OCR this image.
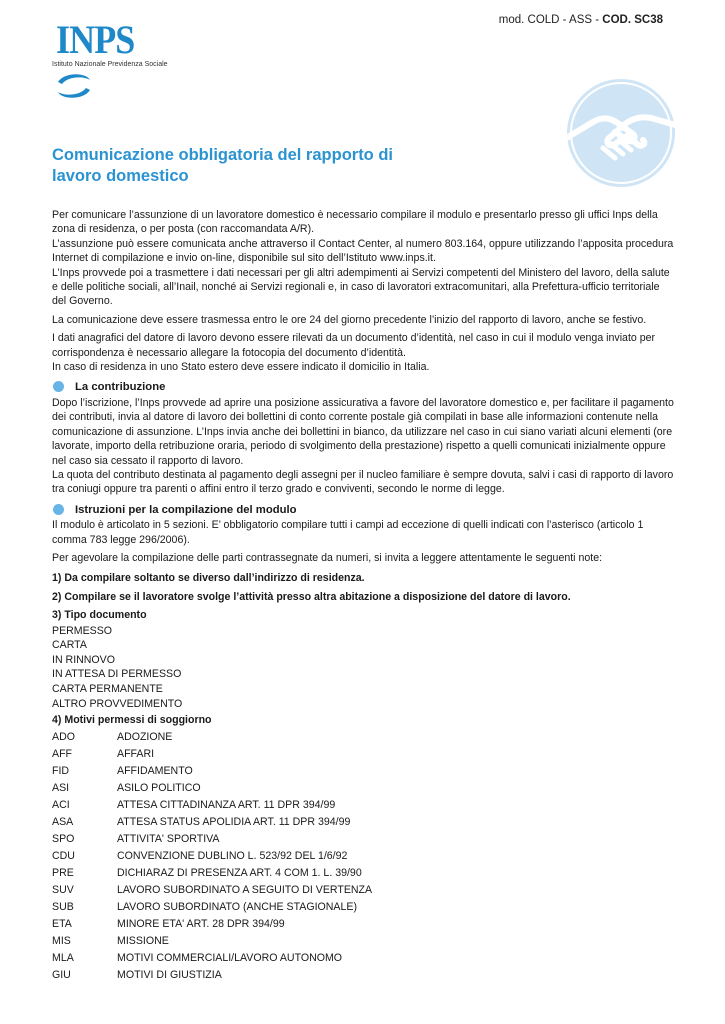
mod. COLD - ASS - COD. SC38
INPS
Istituto Nazionale Previdenza Sociale
Comunicazione obbligatoria del rapporto di lavoro domestico

Per comunicare l’assunzione di un lavoratore domestico è necessario compilare il modulo e presentarlo presso gli uffici Inps della zona di residenza, o per posta (con raccomandata A/R).

L’assunzione può essere comunicata anche attraverso il Contact Center, al numero 803.164, oppure utilizzando l’apposita procedura Internet di compilazione e invio on-line, disponibile sul sito dell’Istituto www.inps.it.

L’Inps provvede poi a trasmettere i dati necessari per gli altri adempimenti ai Servizi competenti del Ministero del lavoro, della salute e delle politiche sociali, all’Inail, nonché ai Servizi regionali e, in caso di lavoratori extracomunitari, alla Prefettura-ufficio territoriale del Governo.

La comunicazione deve essere trasmessa entro le ore 24 del giorno precedente l’inizio del rapporto di lavoro, anche se festivo.

I dati anagrafici del datore di lavoro devono essere rilevati da un documento d’identità, nel caso in cui il modulo venga inviato per corrispondenza è necessario allegare la fotocopia del documento d’identità.

In caso di residenza in uno Stato estero deve essere indicato il domicilio in Italia.

La contribuzione

Dopo l’iscrizione, l’Inps provvede ad aprire una posizione assicurativa a favore del lavoratore domestico e, per facilitare il pagamento dei contributi, invia al datore di lavoro dei bollettini di conto corrente postale già compilati in base alle informazioni contenute nella comunicazione di assunzione. L’Inps invia anche dei bollettini in bianco, da utilizzare nel caso in cui siano variati alcuni elementi (ore lavorate, importo della retribuzione oraria, periodo di svolgimento della prestazione) rispetto a quelli comunicati inizialmente oppure nel caso sia cessato il rapporto di lavoro.

La quota del contributo destinata al pagamento degli assegni per il nucleo familiare è sempre dovuta, salvi i casi di rapporto di lavoro tra coniugi oppure tra parenti o affini entro il terzo grado e conviventi, secondo le norme di legge.

Istruzioni per la compilazione del modulo

Il modulo è articolato in 5 sezioni. E’ obbligatorio compilare tutti i campi ad eccezione di quelli indicati con l’asterisco (articolo 1 comma 783 legge 296/2006).

Per agevolare la compilazione delle parti contrassegnate da numeri, si invita a leggere attentamente le seguenti note:

1) Da compilare soltanto se diverso dall’indirizzo di residenza.

2) Compilare se il lavoratore svolge l’attività presso altra abitazione a disposizione del datore di lavoro.

3) Tipo documento

PERMESSO
CARTA
IN RINNOVO
IN ATTESA DI PERMESSO
CARTA PERMANENTE
ALTRO PROVVEDIMENTO

4) Motivi permessi di soggiorno

ADO	ADOZIONE
AFF	AFFARI
FID	AFFIDAMENTO
ASI	ASILO POLITICO
ACI	ATTESA CITTADINANZA ART. 11 DPR 394/99
ASA	ATTESA STATUS APOLIDIA ART. 11 DPR 394/99
SPO	ATTIVITA' SPORTIVA
CDU	CONVENZIONE DUBLINO L. 523/92 DEL 1/6/92
PRE	DICHIARAZ DI PRESENZA ART. 4 COM 1. L. 39/90
SUV	LAVORO SUBORDINATO A SEGUITO DI VERTENZA
SUB	LAVORO SUBORDINATO (ANCHE STAGIONALE)
ETA	MINORE ETA' ART. 28 DPR 394/99
MIS	MISSIONE
MLA	MOTIVI COMMERCIALI/LAVORO AUTONOMO
GIU	MOTIVI DI GIUSTIZIA
